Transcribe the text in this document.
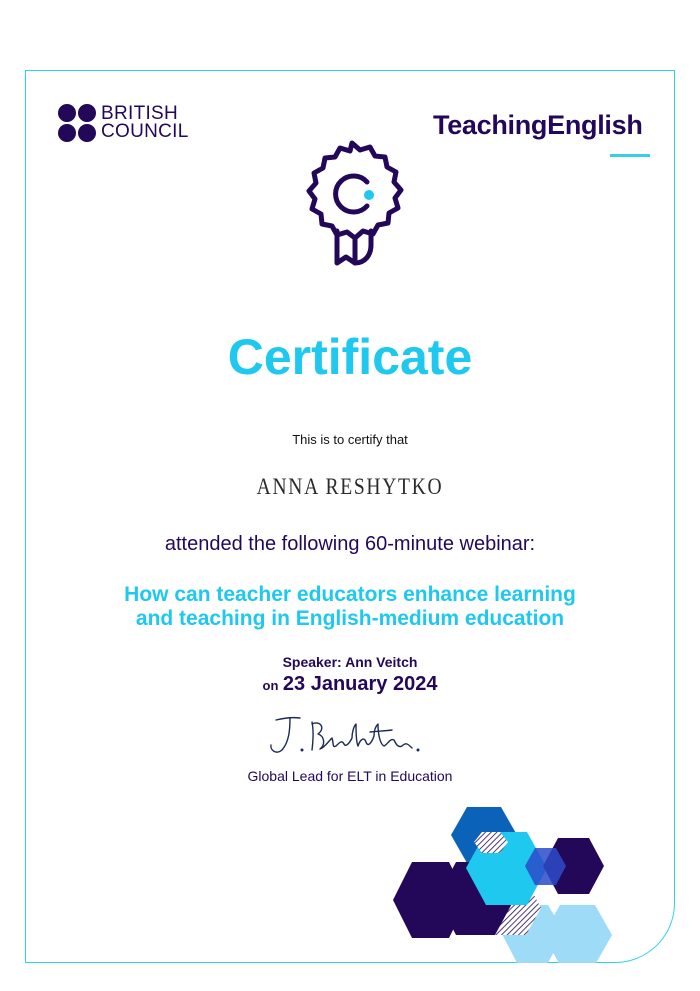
BRITISH
COUNCIL	TeachingEnglish
Certificate
This is to certify that
ANNA RESHYTKO
attended the following 60-minute webinar:
How can teacher educators enhance learning
and teaching in English-medium education
Speaker: Ann Veitch
on 23 January 2024
Global Lead for ELT in Education
